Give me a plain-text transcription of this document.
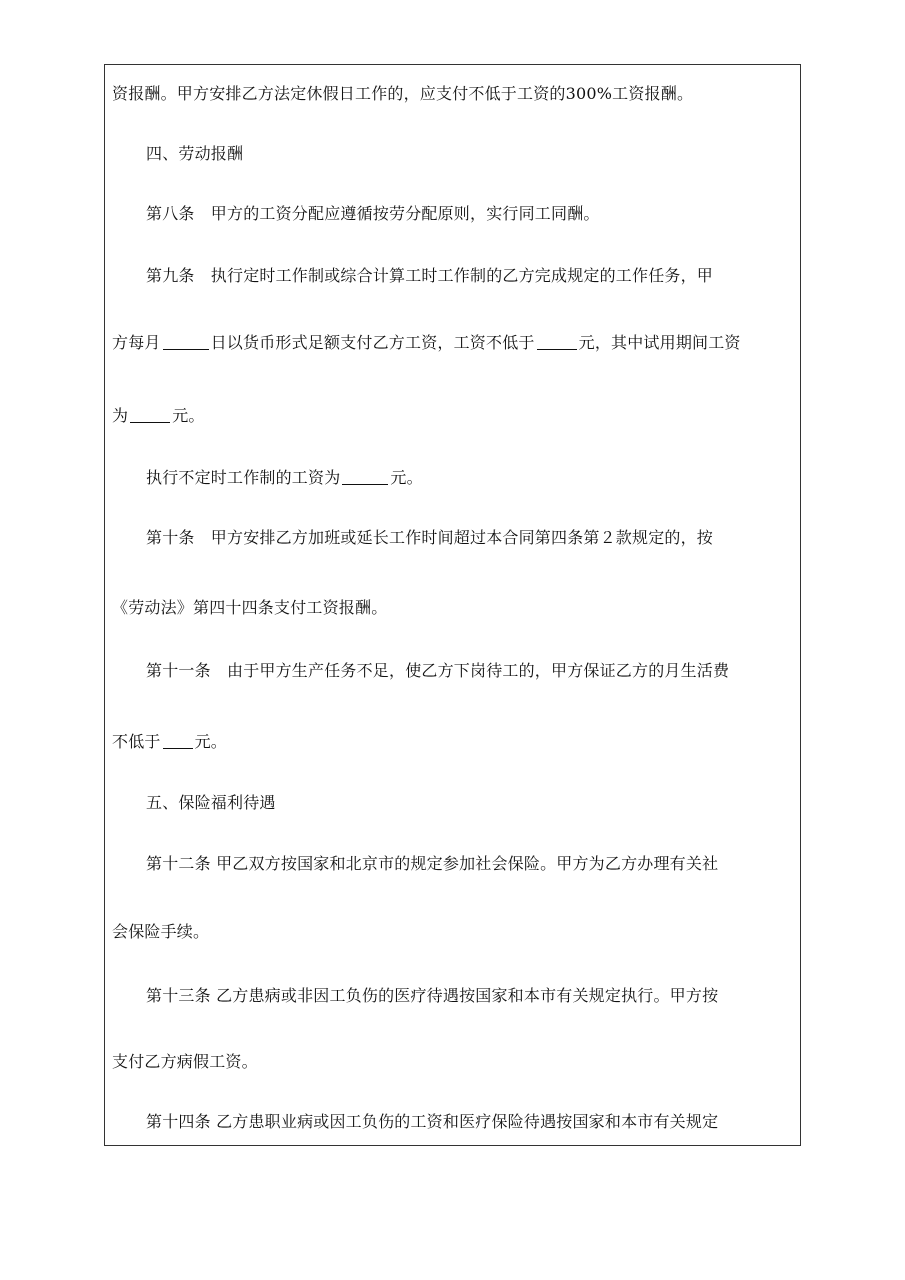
资报酬。甲方安排乙方法定休假日工作的，应支付不低于工资的300%工资报酬。
四、劳动报酬
第八条　甲方的工资分配应遵循按劳分配原则，实行同工同酬。
第九条　执行定时工作制或综合计算工时工作制的乙方完成规定的工作任务，甲
方每月	日以货币形式足额支付乙方工资，工资不低于	元，其中试用期间工资
为	元。
执行不定时工作制的工资为	元。
第十条　甲方安排乙方加班或延长工作时间超过本合同第四条第２款规定的，按
《劳动法》第四十四条支付工资报酬。
第十一条　由于甲方生产任务不足，使乙方下岗待工的，甲方保证乙方的月生活费
不低于 元。
五、保险福利待遇
第十二条 甲乙双方按国家和北京市的规定参加社会保险。甲方为乙方办理有关社
会保险手续。
第十三条 乙方患病或非因工负伤的医疗待遇按国家和本市有关规定执行。甲方按
支付乙方病假工资。
第十四条 乙方患职业病或因工负伤的工资和医疗保险待遇按国家和本市有关规定
